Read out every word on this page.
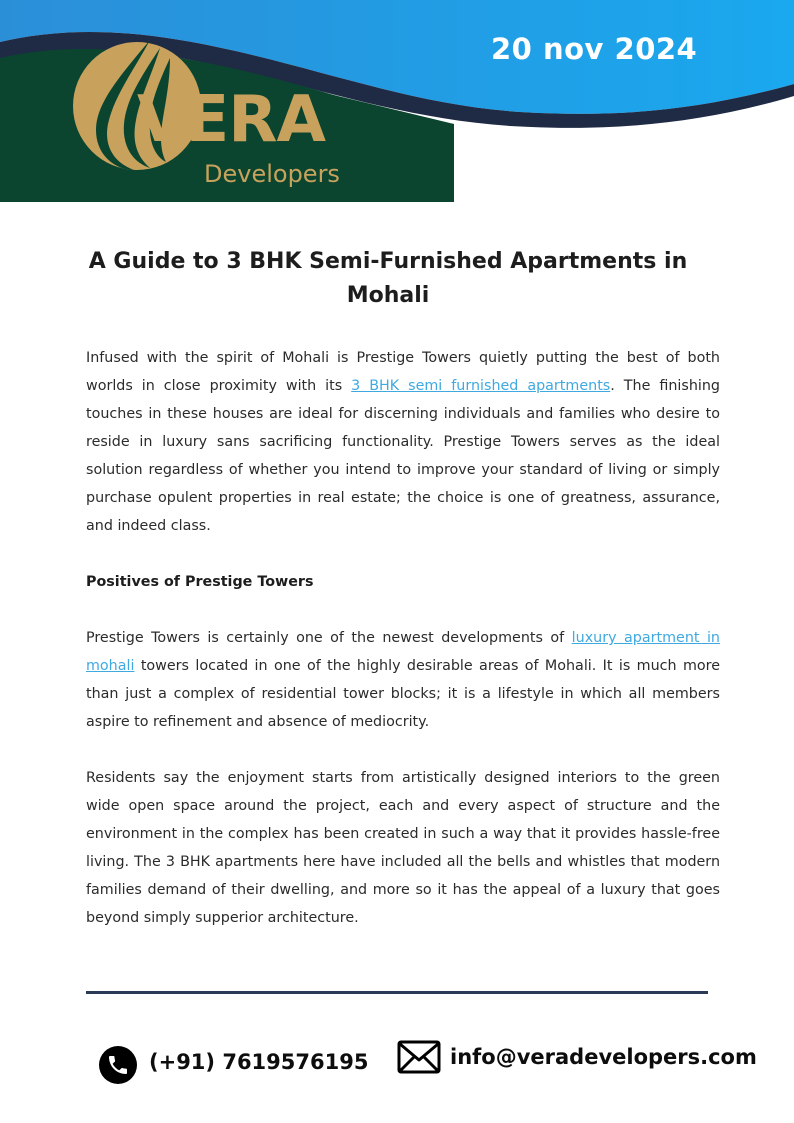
VERA
Developers
20 nov 2024
A Guide to 3 BHK Semi-Furnished Apartments in Mohali

Infused with the spirit of Mohali is Prestige Towers quietly putting the best of both worlds in close proximity with its 3 BHK semi furnished apartments. The finishing touches in these houses are ideal for discerning individuals and families who desire to reside in luxury sans sacrificing functionality. Prestige Towers serves as the ideal solution regardless of whether you intend to improve your standard of living or simply purchase opulent properties in real estate; the choice is one of greatness, assurance, and indeed class.

Positives of Prestige Towers

Prestige Towers is certainly one of the newest developments of luxury apartment in mohali towers located in one of the highly desirable areas of Mohali. It is much more than just a complex of residential tower blocks; it is a lifestyle in which all members aspire to refinement and absence of mediocrity.

Residents say the enjoyment starts from artistically designed interiors to the green wide open space around the project, each and every aspect of structure and the environment in the complex has been created in such a way that it provides hassle-free living. The 3 BHK apartments here have included all the bells and whistles that modern families demand of their dwelling, and more so it has the appeal of a luxury that goes beyond simply supperior architecture.

(+91) 7619576195	info@veradevelopers.com
